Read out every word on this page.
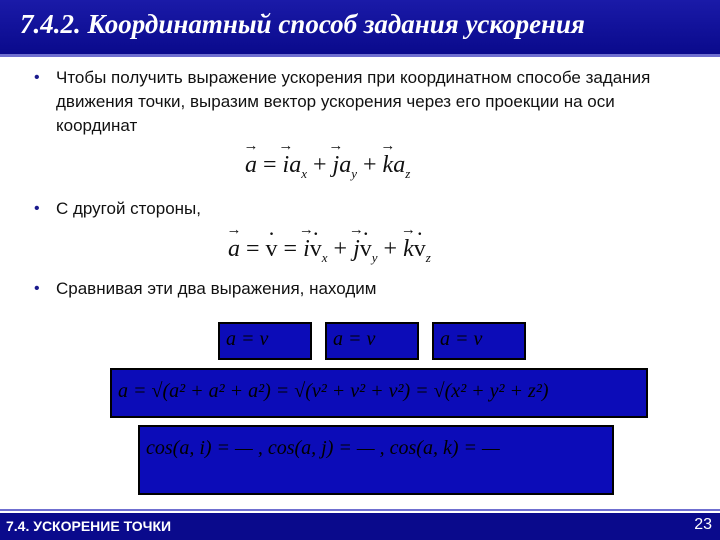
7.4.2. Координатный способ задания ускорения
• Чтобы получить выражение ускорения при координатном способе задания движения точки, выразим вектор ускорения через его проекции на оси координат
→ a = → $ia_x$ + → $ja_y$ + → $ka_z$
• С другой стороны,
→ a = v · = → iv $\cdot_x$ + → jv $\cdot_y$ + → kv $\cdot_z$
• Сравнивая эти два выражения, находим
a = v	a = v	a = v
a = √(a² + a² + a²) = √(v² + v² + v²) = √(x² + y² + z²)
cos(a, i) = — , cos(a, j) = — , cos(a, k) = —
7.4. УСКОРЕНИЕ ТОЧКИ	23
